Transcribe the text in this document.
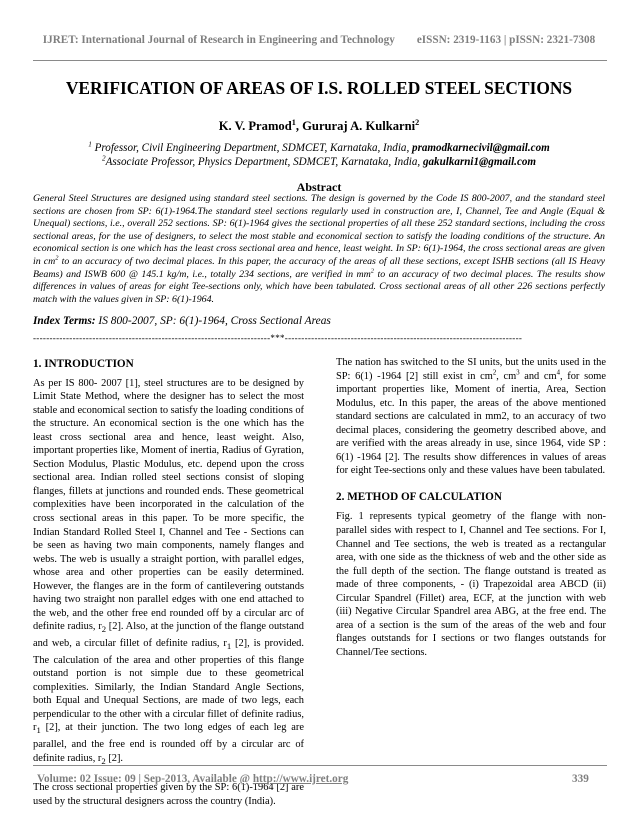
IJRET: International Journal of Research in Engineering and Technology eISSN: 2319-1163 | pISSN: 2321-7308
VERIFICATION OF AREAS OF I.S. ROLLED STEEL SECTIONS
K. V. Pramod$^1$, Gururaj A. Kulkarni$^2$
$^1$ Professor, Civil Engineering Department, SDMCET, Karnataka, India, pramodkarnecivil@gmail.com
$^2$Associate Professor, Physics Department, SDMCET, Karnataka, India, gakulkarni1@gmail.com
Abstract
General Steel Structures are designed using standard steel sections. The design is governed by the Code IS 800-2007, and the standard steel sections are chosen from SP: 6(1)-1964.The standard steel sections regularly used in construction are, I, Channel, Tee and Angle (Equal & Unequal) sections, i.e., overall 252 sections. SP: 6(1)-1964 gives the sectional properties of all these 252 standard sections, including the cross sectional areas, for the use of designers, to select the most stable and economical section to satisfy the loading conditions of the structure. An economical section is one which has the least cross sectional area and hence, least weight. In SP: 6(1)-1964, the cross sectional areas are given in $cm^2$ to an accuracy of two decimal places. In this paper, the accuracy of the areas of all these sections, except ISHB sections (all IS Heavy Beams) and ISWB 600 @ 145.1 kg/m, i.e., totally 234 sections, are verified in $mm^2$ to an accuracy of two decimal places. The results show differences in values of areas for eight Tee-sections only, which have been tabulated. Cross sectional areas of all other 226 sections perfectly match with the values given in SP: 6(1)-1964.
Index Terms: IS 800-2007, SP: 6(1)-1964, Cross Sectional Areas
------------------------------------------------------------------------***------------------------------------------------------------------------

1. INTRODUCTION

As per IS 800- 2007 [1], steel structures are to be designed by Limit State Method, where the designer has to select the most stable and economical section to satisfy the loading conditions of the structure. An economical section is the one which has the least cross sectional area and hence, least weight. Also, important properties like, Moment of inertia, Radius of Gyration, Section Modulus, Plastic Modulus, etc. depend upon the cross sectional area. Indian rolled steel sections consist of sloping flanges, fillets at junctions and rounded ends. These geometrical complexities have been incorporated in the calculation of the cross sectional areas in this paper. To be more specific, the Indian Standard Rolled Steel I, Channel and Tee - Sections can be seen as having two main components, namely flanges and webs. The web is usually a straight portion, with parallel edges, whose area and other properties can be easily determined. However, the flanges are in the form of cantilevering outstands having two straight non parallel edges with one end attached to the web, and the other free end rounded off by a circular arc of definite radius, $r_2$ [2]. Also, at the junction of the flange outstand and web, a circular fillet of definite radius, $r_1$ [2], is provided. The calculation of the area and other properties of this flange outstand portion is not simple due to these geometrical complexities. Similarly, the Indian Standard Angle Sections, both Equal and Unequal Sections, are made of two legs, each perpendicular to the other with a circular fillet of definite radius, $r_1$ [2], at their junction. The two long edges of each leg are parallel, and the free end is rounded off by a circular arc of definite radius, $r_2$ [2].

The cross sectional properties given by the SP: 6(1)-1964 [2] are used by the structural designers across the country (India).

The nation has switched to the SI units, but the units used in the SP: 6(1) -1964 [2] still exist in $cm^2$, $cm^3$ and $cm^4$, for some important properties like, Moment of inertia, Area, Section Modulus, etc. In this paper, the areas of the above mentioned standard sections are calculated in mm2, to an accuracy of two decimal places, considering the geometry described above, and are verified with the areas already in use, since 1964, vide SP : 6(1) -1964 [2]. The results show differences in values of areas for eight Tee-sections only and these values have been tabulated.

2. METHOD OF CALCULATION

Fig. 1 represents typical geometry of the flange with non-parallel sides with respect to I, Channel and Tee sections. For I, Channel and Tee sections, the web is treated as a rectangular area, with one side as the thickness of web and the other side as the full depth of the section. The flange outstand is treated as made of three components, - (i) Trapezoidal area ABCD (ii) Circular Spandrel (Fillet) area, ECF, at the junction with web (iii) Negative Circular Spandrel area ABG, at the free end. The area of a section is the sum of the areas of the web and four flanges outstands for I sections or two flanges outstands for Channel/Tee sections.

Volume: 02 Issue: 09 | Sep-2013, Available @ http://www.ijret.org	339
